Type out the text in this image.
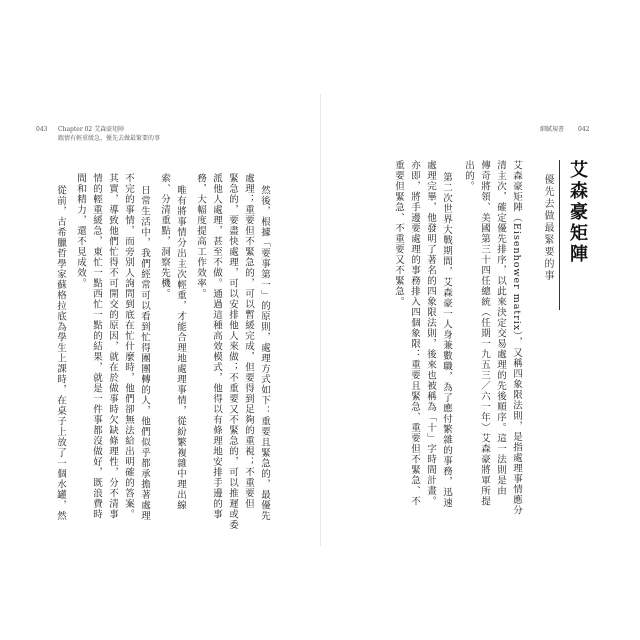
043 Chapter 02 艾森豪矩陣
跟情有輕重緩急，優先去做最緊要的事
細膩規書 042
艾森豪矩陣
優先去做最緊要的事
艾森豪矩陣（Eisenhower matrix），又稱四象限法則，是指處理事情應分
清主次，確定優先排序，以此來決定交易處理的先後順序。這一法則是由
傳奇將領、美國第三十四任總統（任期一九五三／六一年）艾森豪將軍所提
出的。
第二次世界大戰期間，艾森豪一人身兼數職，為了應付繁雜的事務，迅速
處理完畢，他發明了著名的四象限法則，後來也被稱為「十」字時間計畫。
亦即，將手邊要處理的事務排入四個象限：重要且緊急、重要但不緊急、不
重要但緊急、不重要又不緊急。
然後，根據「要事第一」的原則，處理方式如下：重要且緊急的，最優先
處理；重要但不緊急的，可以暫緩完成，但要得到足夠的重視；不重要但
緊急的，要盡快處理，可以安排他人來做；不重要又不緊急的，可以推遲或委
派他人處理，甚至不做。通過這種高效模式，他得以有條理地安排手邊的事
務，大幅度提高工作效率。
唯有將事情分出主次輕重，才能合理地處理事情，從紛繁複雜中理出線
索、分清重點，洞察先機。
日常生活中，我們經常可以看到忙得團團轉的人，他們似乎都承擔著處理
不完的事情，而旁別人詢問到底在忙什麼時，他們卻無法給出明確的答案。
其實，導致他們忙得不可開交的原因，就在於做事時欠缺條理性，分不清事
情的輕重緩急，東忙一點西忙一點的結果，就是一件事都沒做好，既浪費時
間和精力，還不見成效。
從前，古希臘哲學家蘇格拉底為學生上課時，在桌子上放了一個水罐，然
